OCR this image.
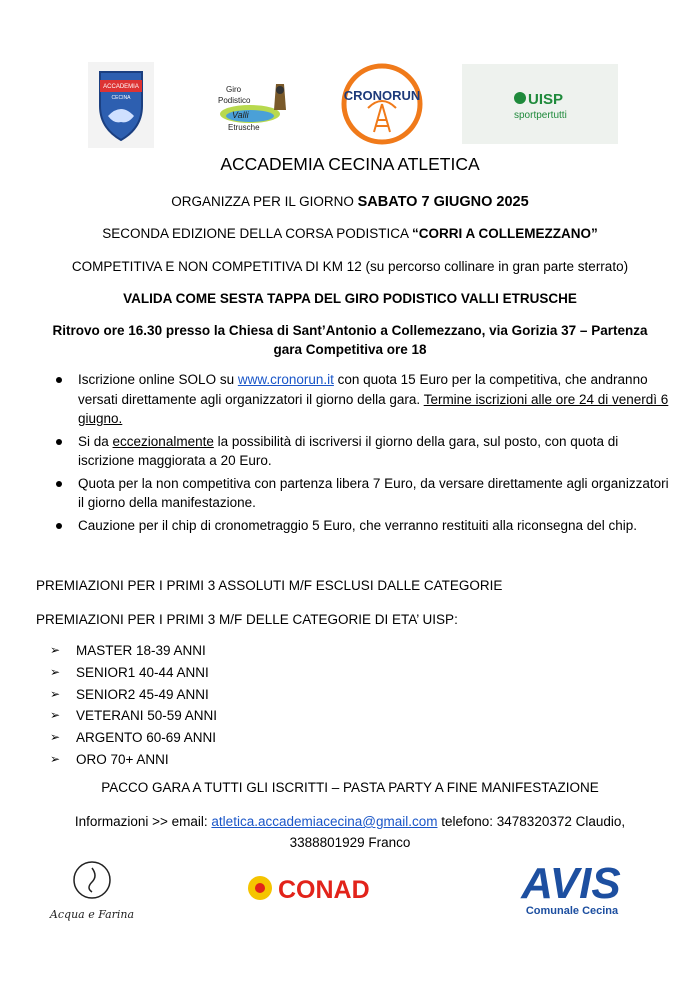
ACCADEMIA
CECINA
Giro
Podistico
Valli
Etrusche
CRONORUN	UISP
sportpertutti
ACCADEMIA CECINA ATLETICA
ORGANIZZA PER IL GIORNO SABATO 7 GIUGNO 2025
SECONDA EDIZIONE DELLA CORSA PODISTICA “CORRI A COLLEMEZZANO”
COMPETITIVA E NON COMPETITIVA DI KM 12 (su percorso collinare in gran parte sterrato)
VALIDA COME SESTA TAPPA DEL GIRO PODISTICO VALLI ETRUSCHE
Ritrovo ore 16.30 presso la Chiesa di Sant’Antonio a Collemezzano, via Gorizia 37 – Partenza
gara Competitiva ore 18
Iscrizione online SOLO su www.cronorun.it con quota 15 Euro per la competitiva, che andranno versati direttamente agli organizzatori il giorno della gara. Termine iscrizioni alle ore 24 di venerdì 6 giugno.
Si da eccezionalmente la possibilità di iscriversi il giorno della gara, sul posto, con quota di iscrizione maggiorata a 20 Euro.
Quota per la non competitiva con partenza libera 7 Euro, da versare direttamente agli organizzatori il giorno della manifestazione.
Cauzione per il chip di cronometraggio 5 Euro, che verranno restituiti alla riconsegna del chip.
PREMIAZIONI PER I PRIMI 3 ASSOLUTI M/F ESCLUSI DALLE CATEGORIE
PREMIAZIONI PER I PRIMI 3 M/F DELLE CATEGORIE DI ETA’ UISP:
➢ MASTER 18-39 ANNI
➢ SENIOR1 40-44 ANNI
➢ SENIOR2 45-49 ANNI
➢ VETERANI 50-59 ANNI
➢ ARGENTO 60-69 ANNI
➢ ORO 70+ ANNI
PACCO GARA A TUTTI GLI ISCRITTI – PASTA PARTY A FINE MANIFESTAZIONE
Informazioni >> email: atletica.accademiacecina@gmail.com telefono: 3478320372 Claudio,
3388801929 Franco
Acqua e Farina
CONAD	AVIS
Comunale Cecina
